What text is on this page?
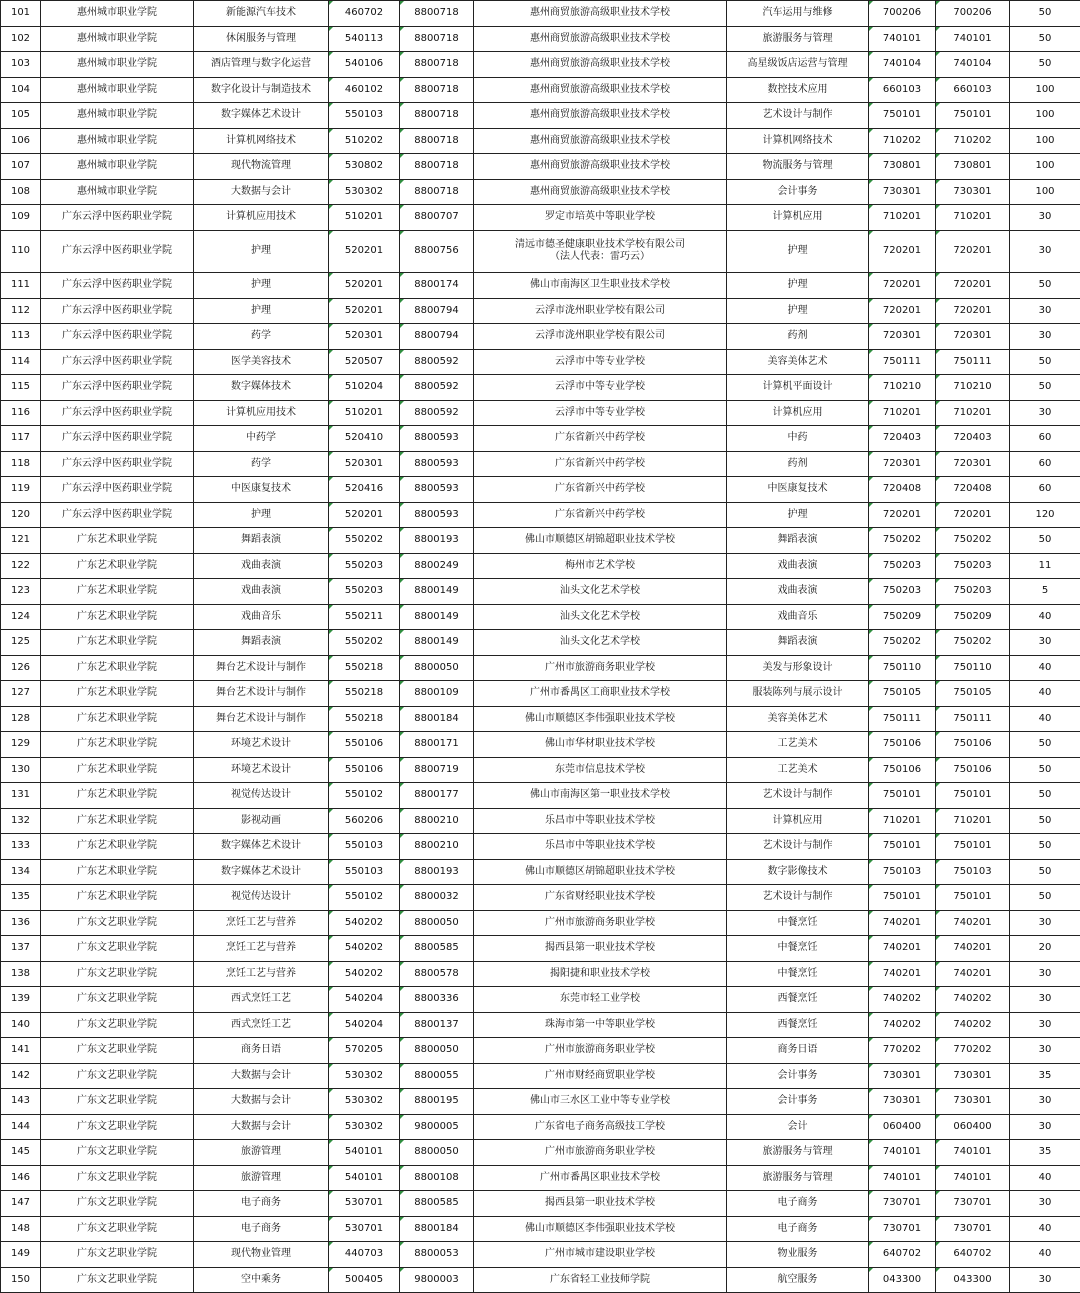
101	惠州城市职业学院	新能源汽车技术	460702	8800718	惠州商贸旅游高级职业技术学校	汽车运用与维修	700206	700206	50
102	惠州城市职业学院	休闲服务与管理	540113	8800718	惠州商贸旅游高级职业技术学校	旅游服务与管理	740101	740101	50
103	惠州城市职业学院	酒店管理与数字化运营	540106	8800718	惠州商贸旅游高级职业技术学校	高星级饭店运营与管理	740104	740104	50
104	惠州城市职业学院	数字化设计与制造技术	460102	8800718	惠州商贸旅游高级职业技术学校	数控技术应用	660103	660103	100
105	惠州城市职业学院	数字媒体艺术设计	550103	8800718	惠州商贸旅游高级职业技术学校	艺术设计与制作	750101	750101	100
106	惠州城市职业学院	计算机网络技术	510202	8800718	惠州商贸旅游高级职业技术学校	计算机网络技术	710202	710202	100
107	惠州城市职业学院	现代物流管理	530802	8800718	惠州商贸旅游高级职业技术学校	物流服务与管理	730801	730801	100
108	惠州城市职业学院	大数据与会计	530302	8800718	惠州商贸旅游高级职业技术学校	会计事务	730301	730301	100
109	广东云浮中医药职业学院	计算机应用技术	510201	8800707	罗定市培英中等职业学校	计算机应用	710201	710201	30
110	广东云浮中医药职业学院	护理	520201	8800756	清远市德圣健康职业技术学校有限公司
（法人代表：雷巧云）	护理	720201	720201	30
111	广东云浮中医药职业学院	护理	520201	8800174	佛山市南海区卫生职业技术学校	护理	720201	720201	50
112	广东云浮中医药职业学院	护理	520201	8800794	云浮市泷州职业学校有限公司	护理	720201	720201	30
113	广东云浮中医药职业学院	药学	520301	8800794	云浮市泷州职业学校有限公司	药剂	720301	720301	30
114	广东云浮中医药职业学院	医学美容技术	520507	8800592	云浮市中等专业学校	美容美体艺术	750111	750111	50
115	广东云浮中医药职业学院	数字媒体技术	510204	8800592	云浮市中等专业学校	计算机平面设计	710210	710210	50
116	广东云浮中医药职业学院	计算机应用技术	510201	8800592	云浮市中等专业学校	计算机应用	710201	710201	30
117	广东云浮中医药职业学院	中药学	520410	8800593	广东省新兴中药学校	中药	720403	720403	60
118	广东云浮中医药职业学院	药学	520301	8800593	广东省新兴中药学校	药剂	720301	720301	60
119	广东云浮中医药职业学院	中医康复技术	520416	8800593	广东省新兴中药学校	中医康复技术	720408	720408	60
120	广东云浮中医药职业学院	护理	520201	8800593	广东省新兴中药学校	护理	720201	720201	120
121	广东艺术职业学院	舞蹈表演	550202	8800193	佛山市顺德区胡锦超职业技术学校	舞蹈表演	750202	750202	50
122	广东艺术职业学院	戏曲表演	550203	8800249	梅州市艺术学校	戏曲表演	750203	750203	11
123	广东艺术职业学院	戏曲表演	550203	8800149	汕头文化艺术学校	戏曲表演	750203	750203	5
124	广东艺术职业学院	戏曲音乐	550211	8800149	汕头文化艺术学校	戏曲音乐	750209	750209	40
125	广东艺术职业学院	舞蹈表演	550202	8800149	汕头文化艺术学校	舞蹈表演	750202	750202	30
126	广东艺术职业学院	舞台艺术设计与制作	550218	8800050	广州市旅游商务职业学校	美发与形象设计	750110	750110	40
127	广东艺术职业学院	舞台艺术设计与制作	550218	8800109	广州市番禺区工商职业技术学校	服装陈列与展示设计	750105	750105	40
128	广东艺术职业学院	舞台艺术设计与制作	550218	8800184	佛山市顺德区李伟强职业技术学校	美容美体艺术	750111	750111	40
129	广东艺术职业学院	环境艺术设计	550106	8800171	佛山市华材职业技术学校	工艺美术	750106	750106	50
130	广东艺术职业学院	环境艺术设计	550106	8800719	东莞市信息技术学校	工艺美术	750106	750106	50
131	广东艺术职业学院	视觉传达设计	550102	8800177	佛山市南海区第一职业技术学校	艺术设计与制作	750101	750101	50
132	广东艺术职业学院	影视动画	560206	8800210	乐昌市中等职业技术学校	计算机应用	710201	710201	50
133	广东艺术职业学院	数字媒体艺术设计	550103	8800210	乐昌市中等职业技术学校	艺术设计与制作	750101	750101	50
134	广东艺术职业学院	数字媒体艺术设计	550103	8800193	佛山市顺德区胡锦超职业技术学校	数字影像技术	750103	750103	50
135	广东艺术职业学院	视觉传达设计	550102	8800032	广东省财经职业技术学校	艺术设计与制作	750101	750101	50
136	广东文艺职业学院	烹饪工艺与营养	540202	8800050	广州市旅游商务职业学校	中餐烹饪	740201	740201	30
137	广东文艺职业学院	烹饪工艺与营养	540202	8800585	揭西县第一职业技术学校	中餐烹饪	740201	740201	20
138	广东文艺职业学院	烹饪工艺与营养	540202	8800578	揭阳捷和职业技术学校	中餐烹饪	740201	740201	30
139	广东文艺职业学院	西式烹饪工艺	540204	8800336	东莞市轻工业学校	西餐烹饪	740202	740202	30
140	广东文艺职业学院	西式烹饪工艺	540204	8800137	珠海市第一中等职业学校	西餐烹饪	740202	740202	30
141	广东文艺职业学院	商务日语	570205	8800050	广州市旅游商务职业学校	商务日语	770202	770202	30
142	广东文艺职业学院	大数据与会计	530302	8800055	广州市财经商贸职业学校	会计事务	730301	730301	35
143	广东文艺职业学院	大数据与会计	530302	8800195	佛山市三水区工业中等专业学校	会计事务	730301	730301	30
144	广东文艺职业学院	大数据与会计	530302	9800005	广东省电子商务高级技工学校	会计	060400	060400	30
145	广东文艺职业学院	旅游管理	540101	8800050	广州市旅游商务职业学校	旅游服务与管理	740101	740101	35
146	广东文艺职业学院	旅游管理	540101	8800108	广州市番禺区职业技术学校	旅游服务与管理	740101	740101	40
147	广东文艺职业学院	电子商务	530701	8800585	揭西县第一职业技术学校	电子商务	730701	730701	30
148	广东文艺职业学院	电子商务	530701	8800184	佛山市顺德区李伟强职业技术学校	电子商务	730701	730701	40
149	广东文艺职业学院	现代物业管理	440703	8800053	广州市城市建设职业学校	物业服务	640702	640702	40
150	广东文艺职业学院	空中乘务	500405	9800003	广东省轻工业技师学院	航空服务	043300	043300	30
